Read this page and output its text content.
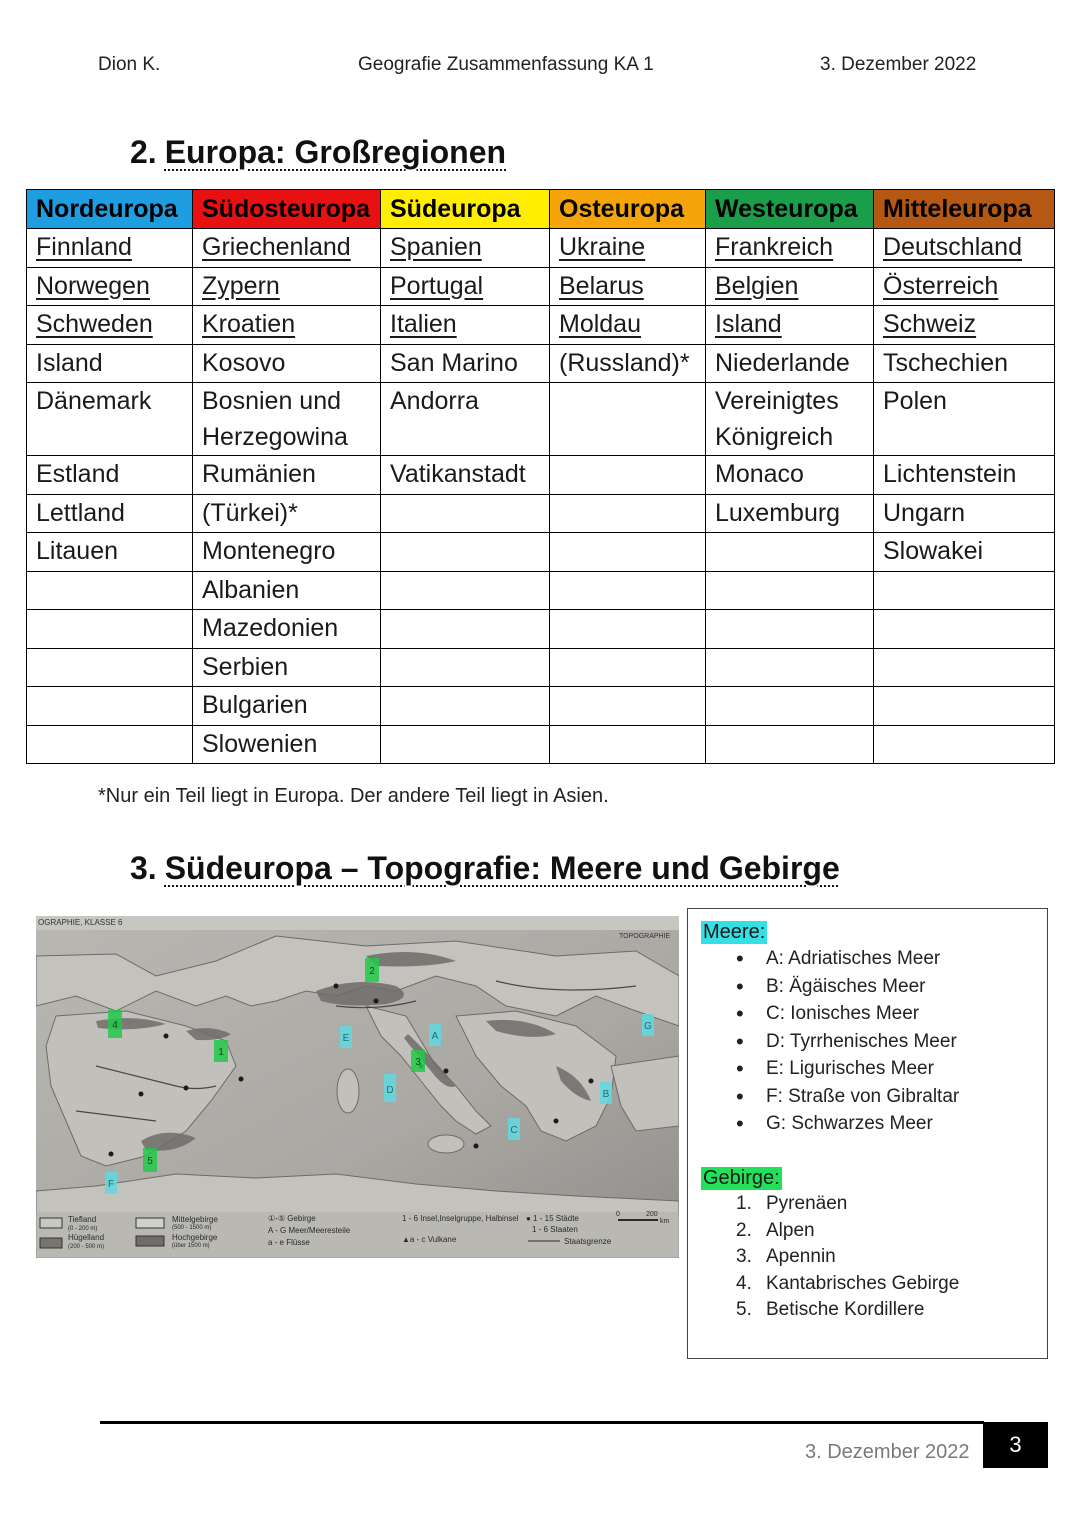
Dion K.	Geografie Zusammenfassung KA 1	3. Dezember 2022
2. Europa: Großregionen
Nordeuropa	Südosteuropa	Südeuropa	Osteuropa	Westeuropa	Mitteleuropa
Finnland	Griechenland	Spanien	Ukraine	Frankreich	Deutschland
Norwegen	Zypern	Portugal	Belarus	Belgien	Österreich
Schweden	Kroatien	Italien	Moldau	Island	Schweiz
Island	Kosovo	San Marino	(Russland)*	Niederlande	Tschechien
Dänemark	Bosnien und Herzegowina	Andorra		Vereinigtes Königreich	Polen
Estland	Rumänien	Vatikanstadt		Monaco	Lichtenstein
Lettland	(Türkei)*			Luxemburg	Ungarn
Litauen	Montenegro				Slowakei
	Albanien				
	Mazedonien				
	Serbien				
	Bulgarien				
	Slowenien				
*Nur ein Teil liegt in Europa. Der andere Teil liegt in Asien.
3. Südeuropa – Topografie: Meere und Gebirge
OGRAPHIE, KLASSE 6
TOPOGRAPHIE
A
B
C
D
E
F
G
1
2
3
4
5
Tiefland
(0 - 200 m)
Hügelland
(200 - 500 m)
Mittelgebirge
(500 - 1500 m)
Hochgebirge
(über 1500 m)
①-⑤ Gebirge
A - G Meer/Meeresteile
a - e Flüsse
1 - 6 Insel,Inselgruppe, Halbinsel
▲a - c Vulkane
● 1 - 15 Städte
1 - 6 Staaten
Staatsgrenze
0	200
km
Meere:
• A: Adriatisches Meer
• B: Ägäisches Meer
• C: Ionisches Meer
• D: Tyrrhenisches Meer
• E: Ligurisches Meer
• F: Straße von Gibraltar
• G: Schwarzes Meer
Gebirge:
1. Pyrenäen
2. Alpen
3. Apennin
4. Kantabrisches Gebirge
5. Betische Kordillere
3. Dezember 2022	3
